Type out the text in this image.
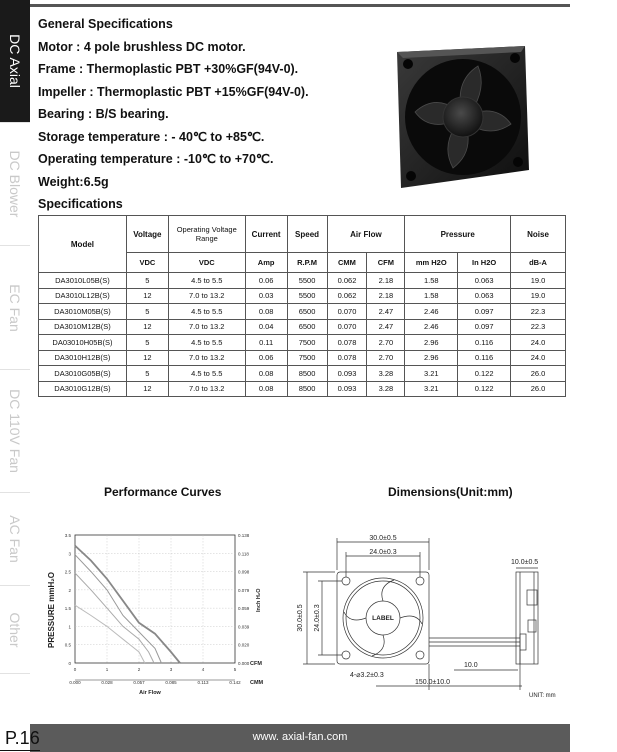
DC Axial
DC Blower
EC Fan
DC 110V Fan
AC Fan
Other
General Specifications
Motor : 4 pole brushless DC motor.
Frame : Thermoplastic PBT +30%GF(94V-0).
Impeller : Thermoplastic PBT +15%GF(94V-0).
Bearing : B/S bearing.
Storage temperature : - 40℃ to +85℃.
Operating temperature : -10℃ to +70℃.
Weight:6.5g
Specifications
Model	Voltage	Operating Voltage Range	Current	Speed	Air Flow		Pressure		Noise
	VDC	VDC	Amp	R.P.M	CMM	CFM	mm H2O	In H2O	dB-A
DA3010L05B(S)	5	4.5 to 5.5	0.06	5500	0.062	2.18	1.58	0.063	19.0
DA3010L12B(S)	12	7.0 to 13.2	0.03	5500	0.062	2.18	1.58	0.063	19.0
DA3010M05B(S)	5	4.5 to 5.5	0.08	6500	0.070	2.47	2.46	0.097	22.3
DA3010M12B(S)	12	7.0 to 13.2	0.04	6500	0.070	2.47	2.46	0.097	22.3
DA03010H05B(S)	5	4.5 to 5.5	0.11	7500	0.078	2.70	2.96	0.116	24.0
DA3010H12B(S)	12	7.0 to 13.2	0.06	7500	0.078	2.70	2.96	0.116	24.0
DA3010G05B(S)	5	4.5 to 5.5	0.08	8500	0.093	3.28	3.21	0.122	26.0
DA3010G12B(S)	12	7.0 to 13.2	0.08	8500	0.093	3.28	3.21	0.122	26.0
Performance Curves	Dimensions(Unit:mm)
3.5
3
2.5
2
1.5
1
0.5
0
0.138
0.118
0.098
0.079
0.059
0.039
0.020
0.000
0	1	2	3	4	5
0.000	0.028	0.057	0.085	0.113	0.142
PRESSURE mmH₂O	Inch H₂O
CFM
CMM
Air Flow
30.0±0.5
24.0±0.3
30.0±0.5 24.0±0.3	LABEL
4-⌀3.2±0.3
10.0±0.5
10.0
150.0±10.0
UNIT: mm
www. axial-fan.com
P.16
